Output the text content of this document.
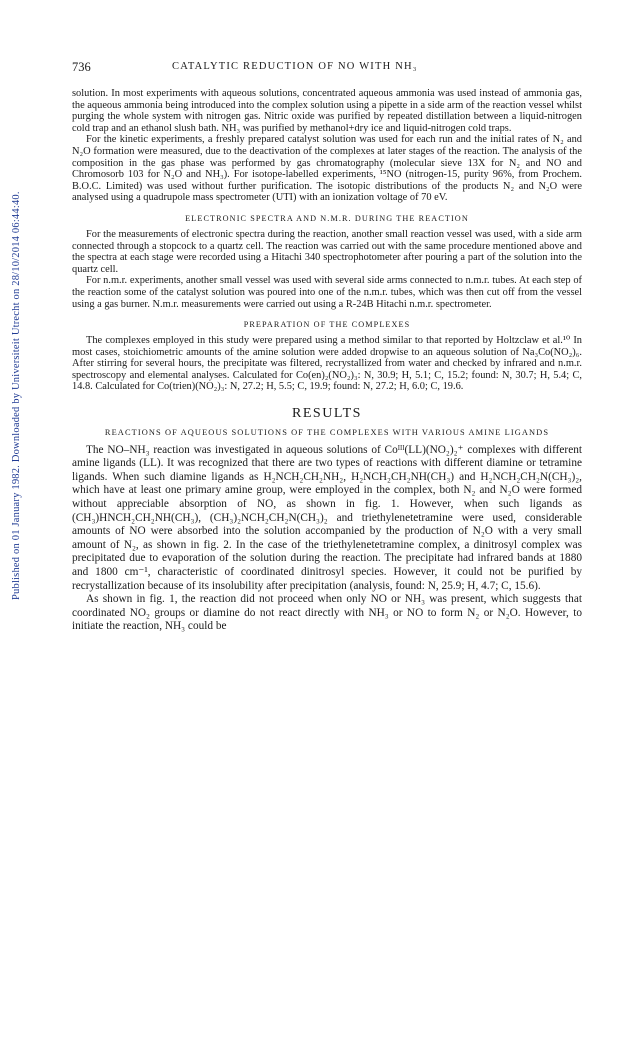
Published on 01 January 1982. Downloaded by Universiteit Utrecht on 28/10/2014 06:44:40.
736	CATALYTIC REDUCTION OF NO WITH NH₃

solution. In most experiments with aqueous solutions, concentrated aqueous ammonia was used instead of ammonia gas, the aqueous ammonia being introduced into the complex solution using a pipette in a side arm of the reaction vessel whilst purging the whole system with nitrogen gas. Nitric oxide was purified by repeated distillation between a liquid-nitrogen cold trap and an ethanol slush bath. NH₃ was purified by methanol+dry ice and liquid-nitrogen cold traps.

For the kinetic experiments, a freshly prepared catalyst solution was used for each run and the initial rates of N₂ and N₂O formation were measured, due to the deactivation of the complexes at later stages of the reaction. The analysis of the composition in the gas phase was performed by gas chromatography (molecular sieve 13X for N₂ and NO and Chromosorb 103 for N₂O and NH₃). For isotope-labelled experiments, ¹⁵NO (nitrogen-15, purity 96%, from Prochem. B.O.C. Limited) was used without further purification. The isotopic distributions of the products N₂ and N₂O were analysed using a quadrupole mass spectrometer (UTI) with an ionization voltage of 70 eV.

ELECTRONIC SPECTRA AND N.M.R. DURING THE REACTION

For the measurements of electronic spectra during the reaction, another small reaction vessel was used, with a side arm connected through a stopcock to a quartz cell. The reaction was carried out with the same procedure mentioned above and the spectra at each stage were recorded using a Hitachi 340 spectrophotometer after pouring a part of the solution into the quartz cell.

For n.m.r. experiments, another small vessel was used with several side arms connected to n.m.r. tubes. At each step of the reaction some of the catalyst solution was poured into one of the n.m.r. tubes, which was then cut off from the vessel using a gas burner. N.m.r. measurements were carried out using a R-24B Hitachi n.m.r. spectrometer.

PREPARATION OF THE COMPLEXES

The complexes employed in this study were prepared using a method similar to that reported by Holtzclaw et al.¹⁰ In most cases, stoichiometric amounts of the amine solution were added dropwise to an aqueous solution of Na₃Co(NO₂)₆. After stirring for several hours, the precipitate was filtered, recrystallized from water and checked by infrared and n.m.r. spectroscopy and elemental analyses. Calculated for Co(en)₂(NO₂)₃: N, 30.9; H, 5.1; C, 15.2; found: N, 30.7; H, 5.4; C, 14.8. Calculated for Co(trien)(NO₂)₃: N, 27.2; H, 5.5; C, 19.9; found: N, 27.2; H, 6.0; C, 19.6.

RESULTS
REACTIONS OF AQUEOUS SOLUTIONS OF THE COMPLEXES WITH VARIOUS AMINE LIGANDS

The NO–NH₃ reaction was investigated in aqueous solutions of Coᴵᴵᴵ(LL)(NO₂)₂⁺ complexes with different amine ligands (LL). It was recognized that there are two types of reactions with different diamine or tetramine ligands. When such diamine ligands as H₂NCH₂CH₂NH₂, H₂NCH₂CH₂NH(CH₃) and H₂NCH₂CH₂N(CH₃)₂, which have at least one primary amine group, were employed in the complex, both N₂ and N₂O were formed without appreciable absorption of NO, as shown in fig. 1. However, when such ligands as (CH₃)HNCH₂CH₂NH(CH₃), (CH₃)₂NCH₂CH₂N(CH₃)₂ and triethylenetetramine were used, considerable amounts of NO were absorbed into the solution accompanied by the production of N₂O with a very small amount of N₂, as shown in fig. 2. In the case of the triethylenetetramine complex, a dinitrosyl complex was precipitated due to evaporation of the solution during the reaction. The precipitate had infrared bands at 1880 and 1800 cm⁻¹, characteristic of coordinated dinitrosyl species. However, it could not be purified by recrystallization because of its insolubility after precipitation (analysis, found: N, 25.9; H, 4.7; C, 15.6).

As shown in fig. 1, the reaction did not proceed when only NO or NH₃ was present, which suggests that coordinated NO₂ groups or diamine do not react directly with NH₃ or NO to form N₂ or N₂O. However, to initiate the reaction, NH₃ could be
